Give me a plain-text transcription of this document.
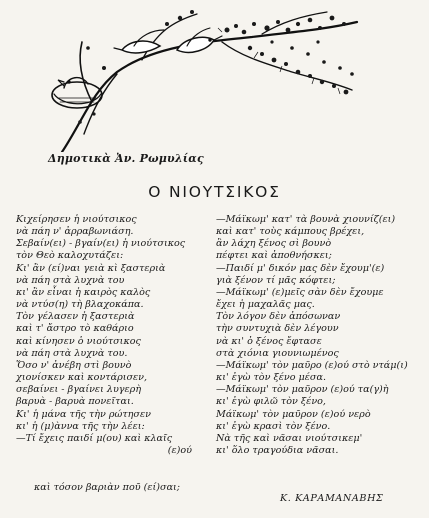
Δημοτικὰ Ἀν. Ρωμυλίας
Ο ΝΙΟΥΤΣΙΚΟΣ
Κιχείρησεν ἡ νιούτσικος
νὰ πάη ν' ἀρραβωνιάση.
Σεβαίν(ει) - βγαίν(ει) ἡ νιούτσικος
τὸν Θεὸ καλοχυτάζει:
Κι' ἂν (εί)ναι γειὰ κὶ ξαστεριὰ
νὰ πάη στὰ λυχνὰ του
κι' ἂν εἶναι ἡ καιρὸς καλὸς
νὰ ντύσ(η) τὴ βλαχοκάπα.
Τὸν γέλασεν ἡ ξαστεριὰ
καὶ τ' ἄστρο τὸ καθάριο
καὶ κίνησεν ὁ νιούτσικος
νὰ πάη στὰ λυχνὰ του.
Ὅσο ν' ἀνέβη στὶ βουνὸ
χιονίσκεν καὶ κοντάρισεν,
σεβαίνει - βγαίνει λυγερὴ
βαρυὰ - βαρυὰ πονεῖται.
Κι' ἡ μάνα τῆς τὴν ρώτησεν
κι' ἡ (μ)ὰννα τῆς τὴν λέει:
—Τί ἔχεις παιδί μ(ου) καὶ κλαῖς
(ε)ού
—Μάϊκωμ' κατ' τὰ βουνὰ χιουνίζ(ει)
καὶ κατ' τοὺς κάμπους βρέχει,
ἂν λάχη ξένος σὶ βουνὸ
πέφτει καὶ ἀποθνήσκει;
—Παιδί μ' δικόν μας δὲν ἔχουμ'(ε)
γιὰ ξένον τί μᾶς κόφτει;
—Μάϊκωμ' (ε)μεῖς σὰν δὲν ἔχουμε
ἔχει ἡ μαχαλᾶς μας.
Τὸν λόγον δὲν ἀπόσωναν
τὴν συντυχιὰ δὲν λέγουν
νὰ κι' ὁ ξένος ἔφτασε
στὰ χιόνια γιουνιωμένος
—Μάϊκωμ' τὸν μαῦρο (ε)ού στὸ ντάμ(ι)
κι' ἐγὼ τὸν ξένο μέσα.
—Μάϊκωμ' τὸν μαῦρον (ε)ού τα(γ)ὴ
κι' ἐγὼ φιλῶ τὸν ξένο,
Μάϊκωμ' τὸν μαῦρον (ε)ού νερὸ
κι' ἐγὼ κρασὶ τὸν ξένο.
Νὰ τῆς καὶ νᾶσαι νιούτσικεμ'
κι' ὅλο τραγούδια νᾶσαι.
καὶ τόσον βαριὰν ποῦ (εί)σαι;
Κ. ΚΑΡΑΜΑΝΑΒΗΣ
